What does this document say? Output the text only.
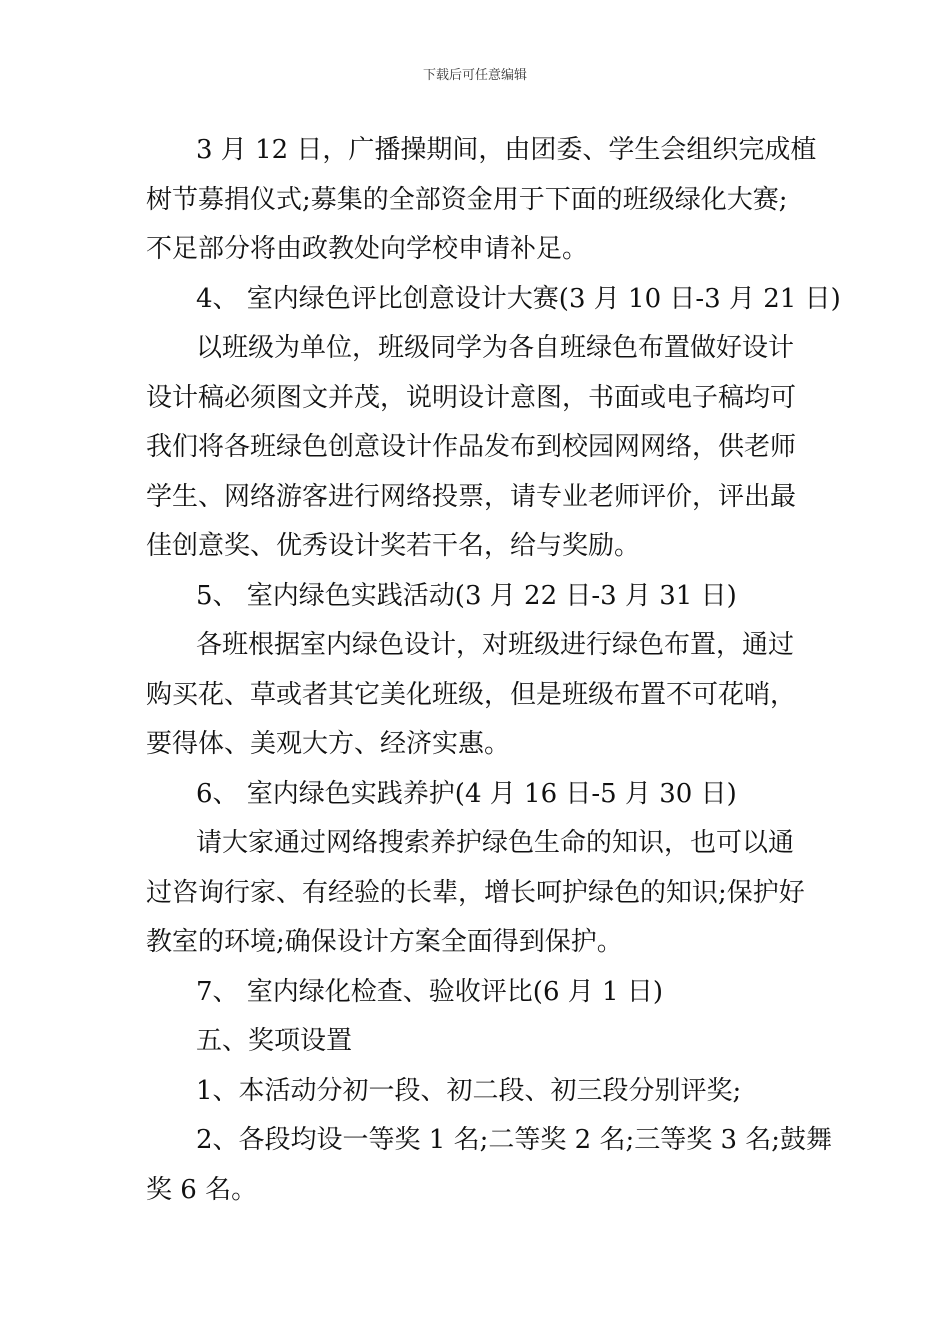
下载后可任意编辑

3 月 12 日，广播操期间，由团委、学生会组织完成植

树节募捐仪式;募集的全部资金用于下面的班级绿化大赛;

不足部分将由政教处向学校申请补足。

4、 室内绿色评比创意设计大赛(3 月 10 日-3 月 21 日)

以班级为单位，班级同学为各自班绿色布置做好设计

设计稿必须图文并茂，说明设计意图，书面或电子稿均可

我们将各班绿色创意设计作品发布到校园网网络，供老师

学生、网络游客进行网络投票，请专业老师评价，评出最

佳创意奖、优秀设计奖若干名，给与奖励。

5、 室内绿色实践活动(3 月 22 日-3 月 31 日)

各班根据室内绿色设计，对班级进行绿色布置，通过

购买花、草或者其它美化班级，但是班级布置不可花哨，

要得体、美观大方、经济实惠。

6、 室内绿色实践养护(4 月 16 日-5 月 30 日)

请大家通过网络搜索养护绿色生命的知识，也可以通

过咨询行家、有经验的长辈，增长呵护绿色的知识;保护好

教室的环境;确保设计方案全面得到保护。

7、 室内绿化检查、验收评比(6 月 1 日)

五、奖项设置

1、本活动分初一段、初二段、初三段分别评奖;

2、各段均设一等奖 1 名;二等奖 2 名;三等奖 3 名;鼓舞

奖 6 名。
